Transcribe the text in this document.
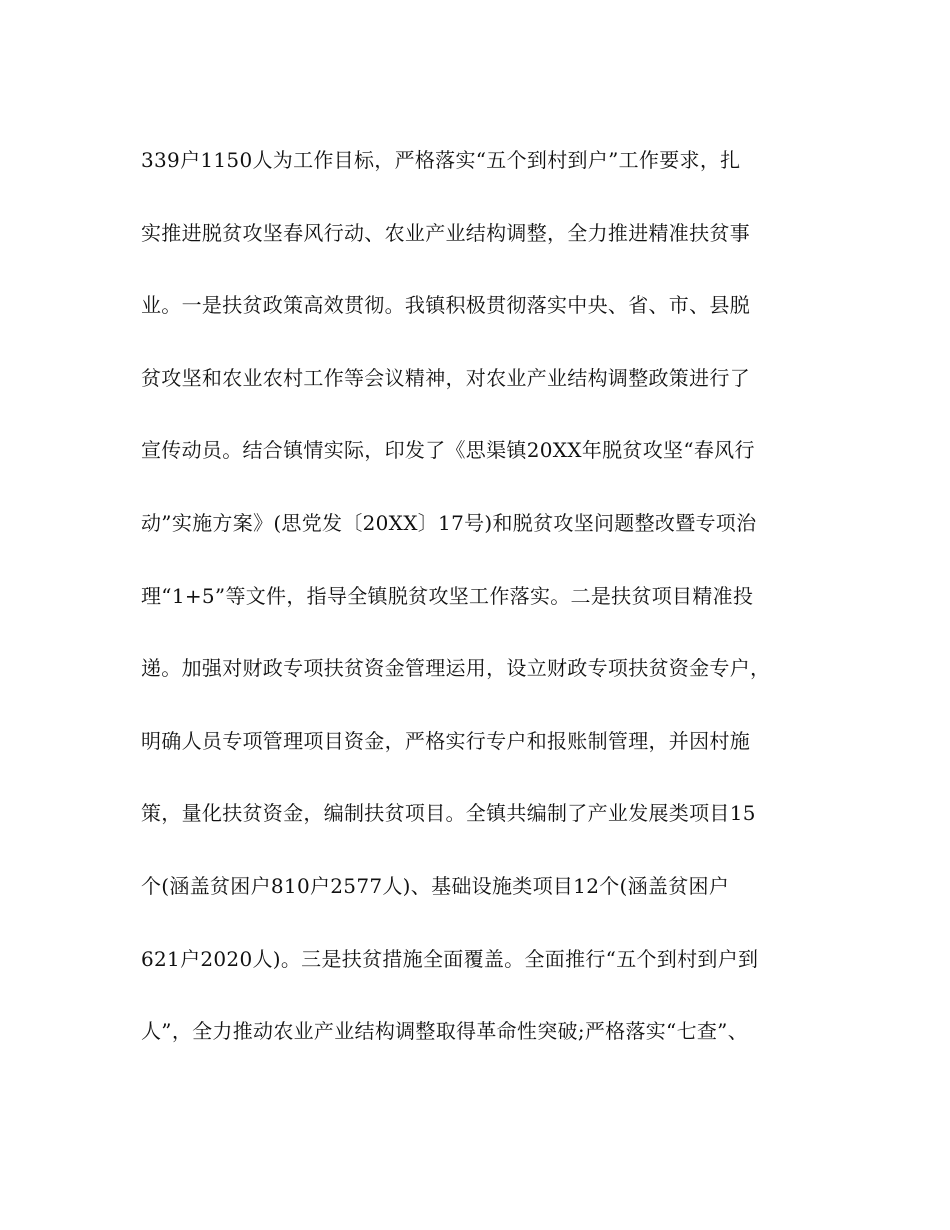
339户1150人为工作目标，严格落实“五个到村到户”工作要求，扎
实推进脱贫攻坚春风行动、农业产业结构调整，全力推进精准扶贫事
业。一是扶贫政策高效贯彻。我镇积极贯彻落实中央、省、市、县脱
贫攻坚和农业农村工作等会议精神，对农业产业结构调整政策进行了
宣传动员。结合镇情实际，印发了《思渠镇20XX年脱贫攻坚“春风行
动”实施方案》(思党发〔20XX〕17号)和脱贫攻坚问题整改暨专项治
理“1+5”等文件，指导全镇脱贫攻坚工作落实。二是扶贫项目精准投
递。加强对财政专项扶贫资金管理运用，设立财政专项扶贫资金专户，
明确人员专项管理项目资金，严格实行专户和报账制管理，并因村施
策，量化扶贫资金，编制扶贫项目。全镇共编制了产业发展类项目15
个(涵盖贫困户810户2577人)、基础设施类项目12个(涵盖贫困户
621户2020人)。三是扶贫措施全面覆盖。全面推行“五个到村到户到
人”，全力推动农业产业结构调整取得革命性突破;严格落实“七查”、
